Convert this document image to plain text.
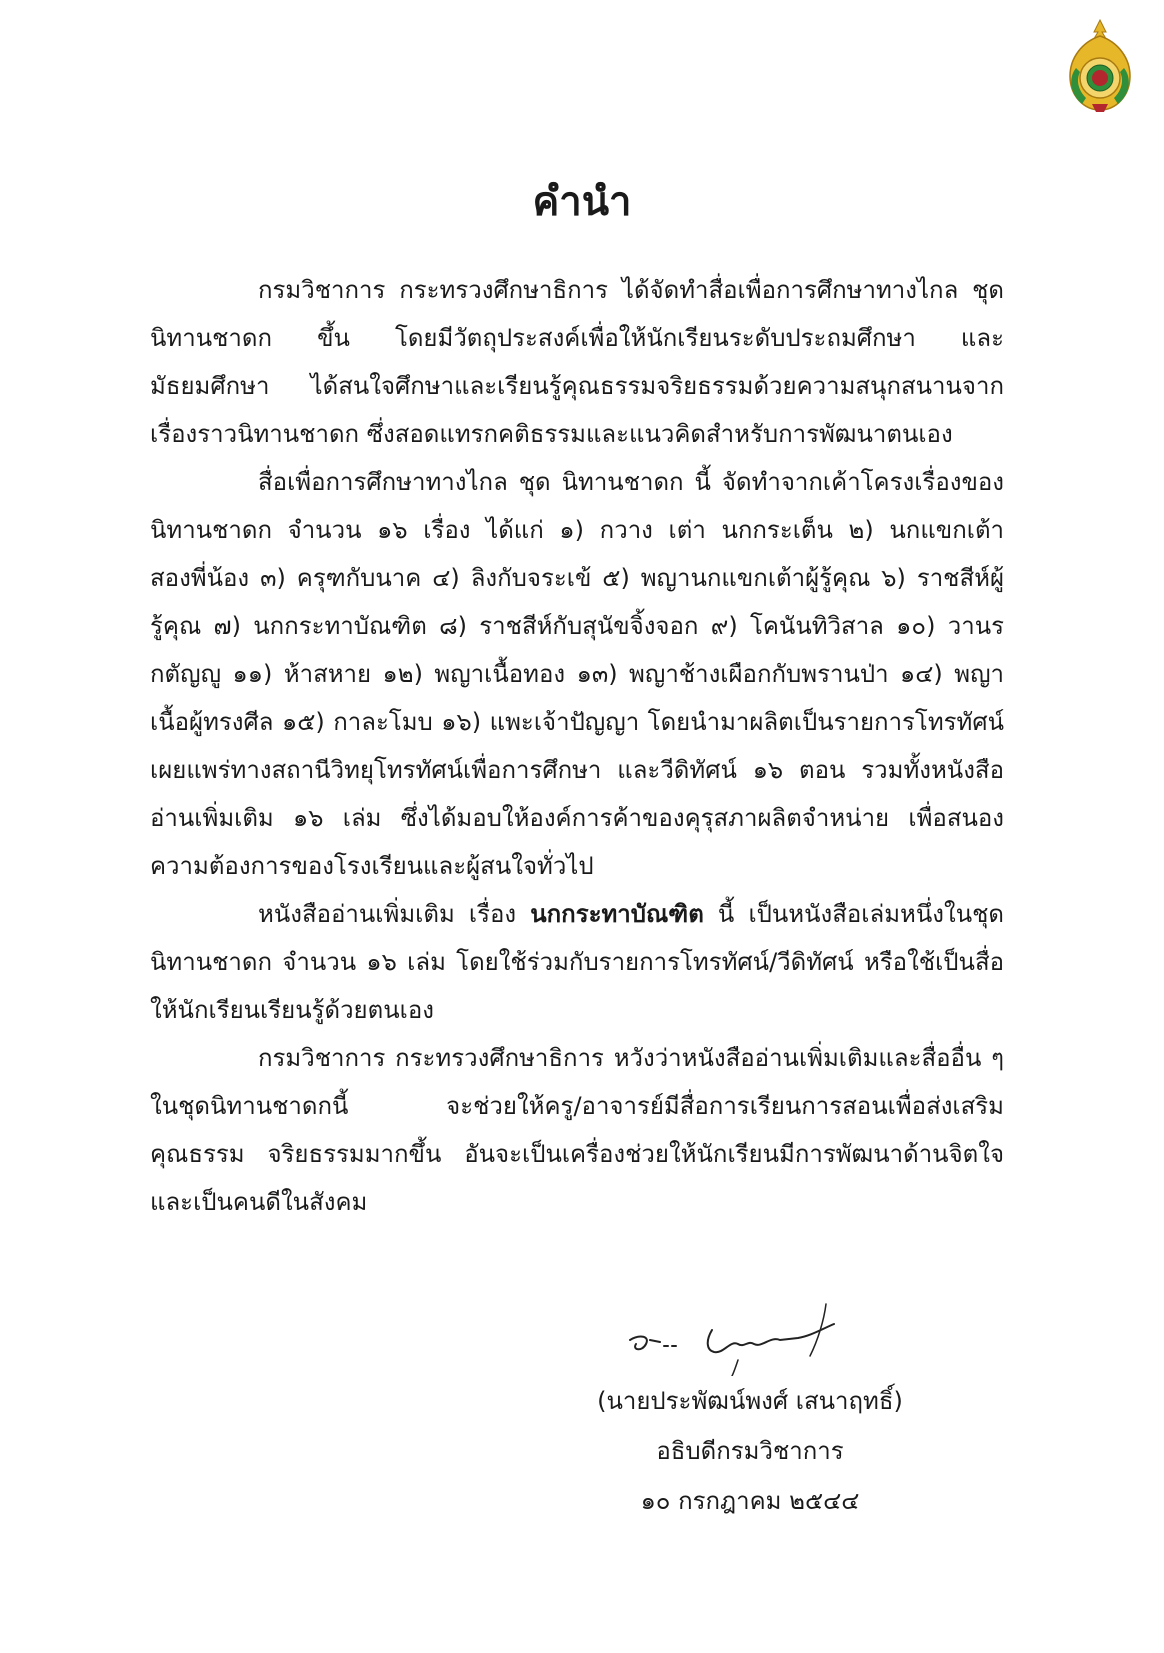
คำนำ

กรมวิชาการ กระทรวงศึกษาธิการ ได้จัดทำสื่อเพื่อการศึกษาทางไกล ชุด นิทานชาดก ขึ้น โดยมีวัตถุประสงค์เพื่อให้นักเรียนระดับประถมศึกษา และมัธยมศึกษา ได้สนใจศึกษาและเรียนรู้คุณธรรมจริยธรรมด้วยความสนุกสนานจากเรื่องราวนิทานชาดก ซึ่งสอดแทรกคติธรรมและแนวคิดสำหรับการพัฒนาตนเอง

สื่อเพื่อการศึกษาทางไกล ชุด นิทานชาดก นี้ จัดทำจากเค้าโครงเรื่องของนิทานชาดก จำนวน ๑๖ เรื่อง ได้แก่ ๑) กวาง เต่า นกกระเต็น ๒) นกแขกเต้าสองพี่น้อง ๓) ครุฑกับนาค ๔) ลิงกับจระเข้ ๕) พญานกแขกเต้าผู้รู้คุณ ๖) ราชสีห์ผู้รู้คุณ ๗) นกกระทาบัณฑิต ๘) ราชสีห์กับสุนัขจิ้งจอก ๙) โคนันทิวิสาล ๑๐) วานรกตัญญู ๑๑) ห้าสหาย ๑๒) พญาเนื้อทอง ๑๓) พญาช้างเผือกกับพรานป่า ๑๔) พญาเนื้อผู้ทรงศีล ๑๕) กาละโมบ ๑๖) แพะเจ้าปัญญา โดยนำมาผลิตเป็นรายการโทรทัศน์เผยแพร่ทางสถานีวิทยุโทรทัศน์เพื่อการศึกษา และวีดิทัศน์ ๑๖ ตอน รวมทั้งหนังสืออ่านเพิ่มเติม ๑๖ เล่ม ซึ่งได้มอบให้องค์การค้าของคุรุสภาผลิตจำหน่าย เพื่อสนองความต้องการของโรงเรียนและผู้สนใจทั่วไป

หนังสืออ่านเพิ่มเติม เรื่อง นกกระทาบัณฑิต นี้ เป็นหนังสือเล่มหนึ่งในชุดนิทานชาดก จำนวน ๑๖ เล่ม โดยใช้ร่วมกับรายการโทรทัศน์/วีดิทัศน์ หรือใช้เป็นสื่อให้นักเรียนเรียนรู้ด้วยตนเอง

กรมวิชาการ กระทรวงศึกษาธิการ หวังว่าหนังสืออ่านเพิ่มเติมและสื่ออื่น ๆ ในชุดนิทานชาดกนี้ จะช่วยให้ครู/อาจารย์มีสื่อการเรียนการสอนเพื่อส่งเสริมคุณธรรม จริยธรรมมากขึ้น อันจะเป็นเครื่องช่วยให้นักเรียนมีการพัฒนาด้านจิตใจ และเป็นคนดีในสังคม

(นายประพัฒน์พงศ์ เสนาฤทธิ์)
อธิบดีกรมวิชาการ
๑๐ กรกฎาคม ๒๕๔๔
